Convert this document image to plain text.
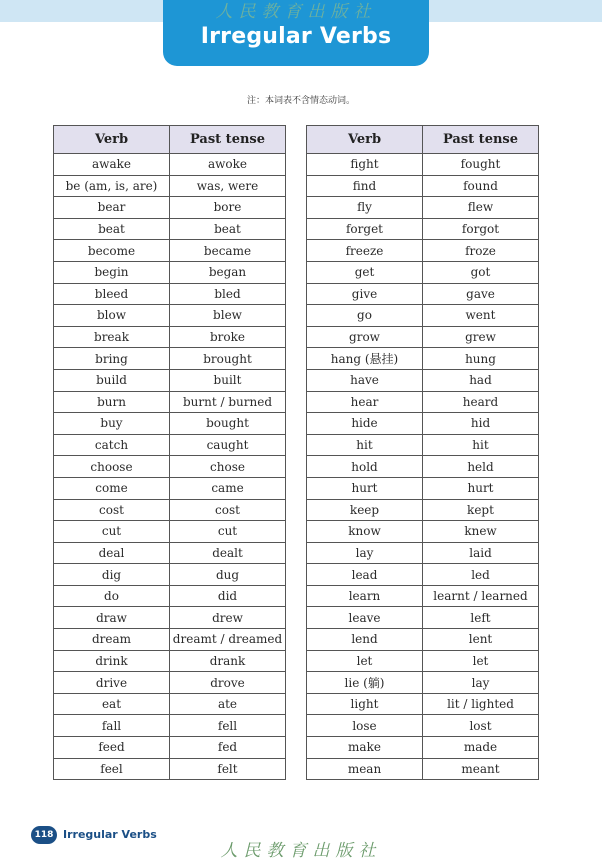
人民教育出版社
Irregular Verbs
注：本词表不含情态动词。
Verb	Past tense
awake	awoke
be (am, is, are)	was, were
bear	bore
beat	beat
become	became
begin	began
bleed	bled
blow	blew
break	broke
bring	brought
build	built
burn	burnt / burned
buy	bought
catch	caught
choose	chose
come	came
cost	cost
cut	cut
deal	dealt
dig	dug
do	did
draw	drew
dream	dreamt / dreamed
drink	drank
drive	drove
eat	ate
fall	fell
feed	fed
feel	felt
Verb	Past tense
fight	fought
find	found
fly	flew
forget	forgot
freeze	froze
get	got
give	gave
go	went
grow	grew
hang (悬挂)	hung
have	had
hear	heard
hide	hid
hit	hit
hold	held
hurt	hurt
keep	kept
know	knew
lay	laid
lead	led
learn	learnt / learned
leave	left
lend	lent
let	let
lie (躺)	lay
light	lit / lighted
lose	lost
make	made
mean	meant
118 Irregular Verbs
人民教育出版社
